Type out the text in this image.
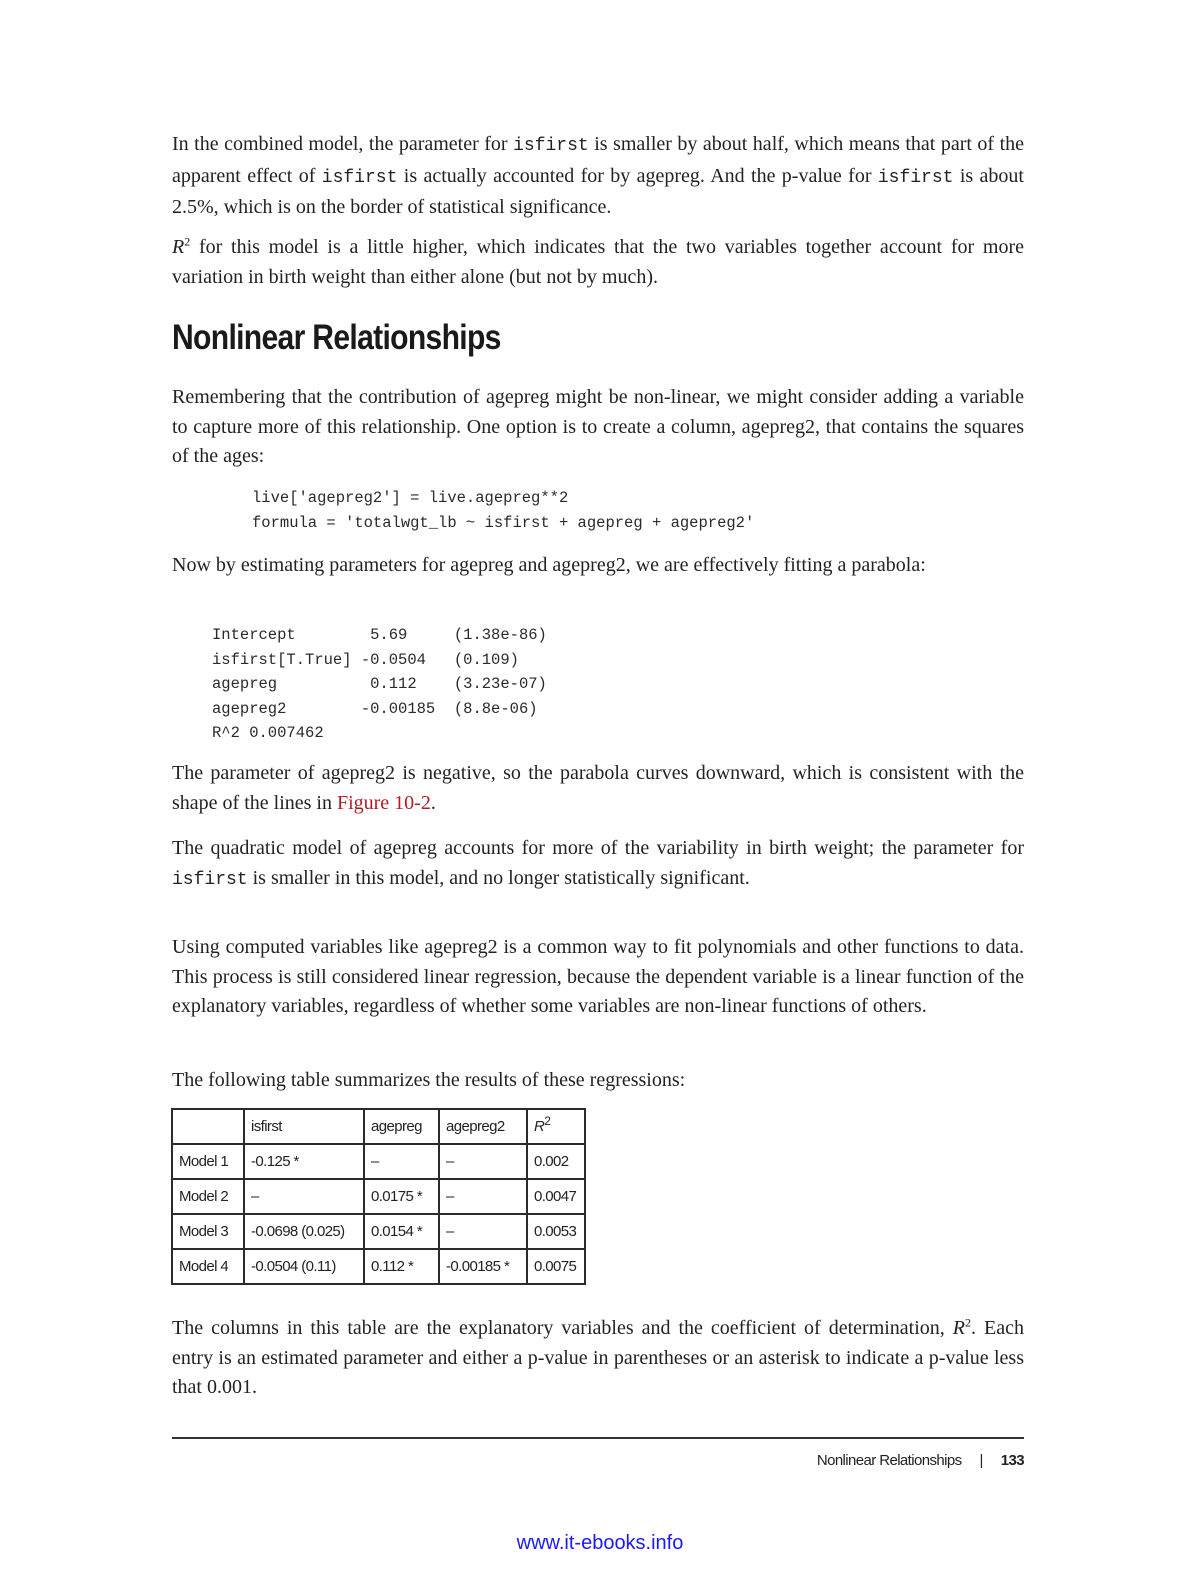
In the combined model, the parameter for isfirst is smaller by about half, which means that part of the apparent effect of isfirst is actually accounted for by agepreg. And the p-value for isfirst is about 2.5%, which is on the border of statistical significance.

$R^2$ for this model is a little higher, which indicates that the two variables together account for more variation in birth weight than either alone (but not by much).

Nonlinear Relationships

Remembering that the contribution of agepreg might be non-linear, we might consider adding a variable to capture more of this relationship. One option is to create a column, agepreg2, that contains the squares of the ages:

live['agepreg2'] = live.agepreg**2
formula = 'totalwgt_lb ~ isfirst + agepreg + agepreg2'

Now by estimating parameters for agepreg and agepreg2, we are effectively fitting a parabola:

Intercept        5.69     (1.38e-86)
isfirst[T.True] -0.0504   (0.109)
agepreg          0.112    (3.23e-07)
agepreg2        -0.00185  (8.8e-06)
R^2 0.007462

The parameter of agepreg2 is negative, so the parabola curves downward, which is consistent with the shape of the lines in Figure 10-2.

The quadratic model of agepreg accounts for more of the variability in birth weight; the parameter for isfirst is smaller in this model, and no longer statistically significant.

Using computed variables like agepreg2 is a common way to fit polynomials and other functions to data. This process is still considered linear regression, because the dependent variable is a linear function of the explanatory variables, regardless of whether some variables are non-linear functions of others.

The following table summarizes the results of these regressions:

	isfirst	agepreg	agepreg2	$R^2$
Model 1	-0.125 *	–	–	0.002
Model 2	–	0.0175 *	–	0.0047
Model 3	-0.0698 (0.025)	0.0154 *	–	0.0053
Model 4	-0.0504 (0.11)	0.112 *	-0.00185 *	0.0075

The columns in this table are the explanatory variables and the coefficient of determination, $R^2$. Each entry is an estimated parameter and either a p-value in parentheses or an asterisk to indicate a p-value less that 0.001.

Nonlinear Relationships | 133
www.it-ebooks.info
